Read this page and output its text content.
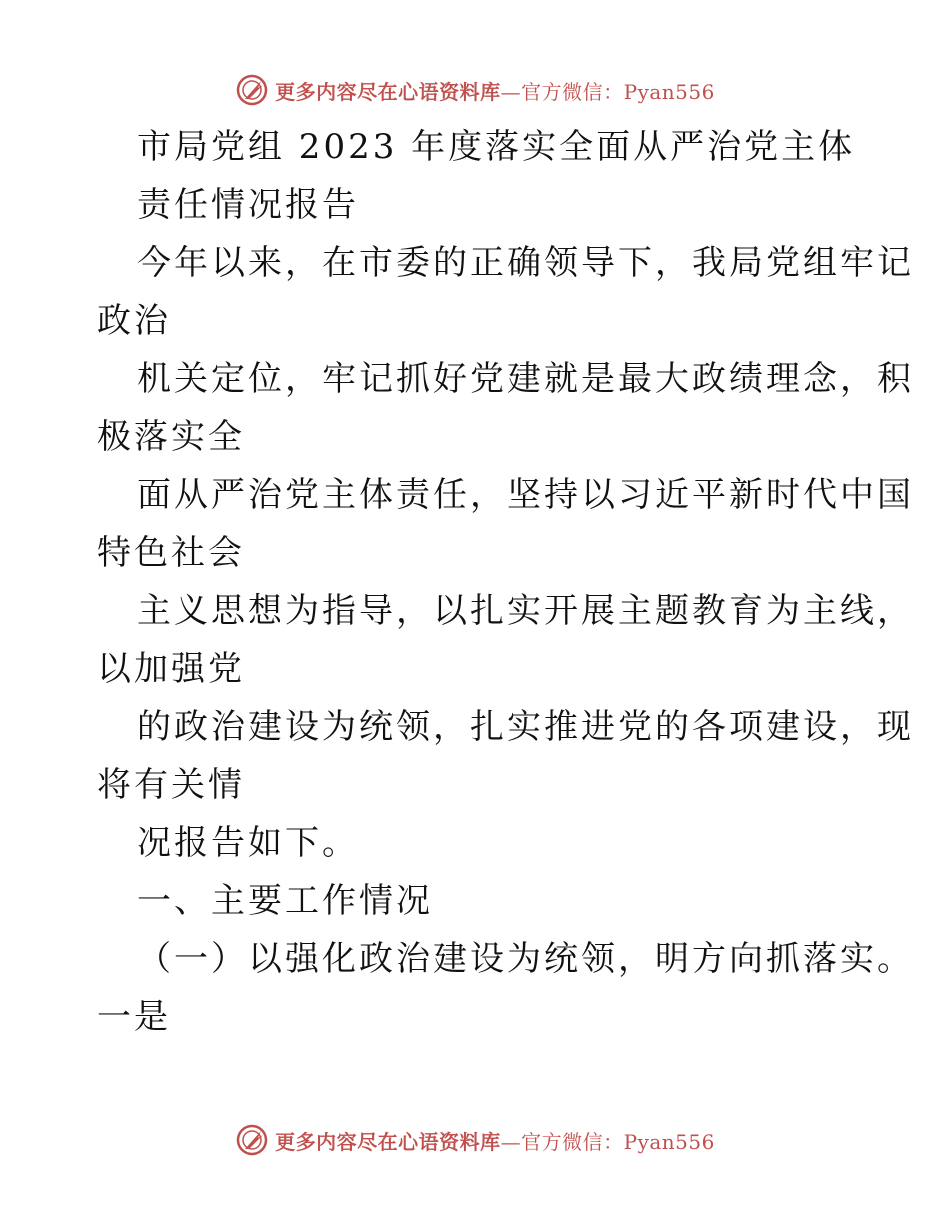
更多内容尽在心语资料库—官方微信：Pyan556
市局党组 2023 年度落实全面从严治党主体
责任情况报告
今年以来，在市委的正确领导下，我局党组牢记
政治
机关定位，牢记抓好党建就是最大政绩理念，积
极落实全
面从严治党主体责任，坚持以习近平新时代中国
特色社会
主义思想为指导，以扎实开展主题教育为主线，
以加强党
的政治建设为统领，扎实推进党的各项建设，现
将有关情
况报告如下。
一、主要工作情况
（一）以强化政治建设为统领，明方向抓落实。
一是
更多内容尽在心语资料库—官方微信：Pyan556
